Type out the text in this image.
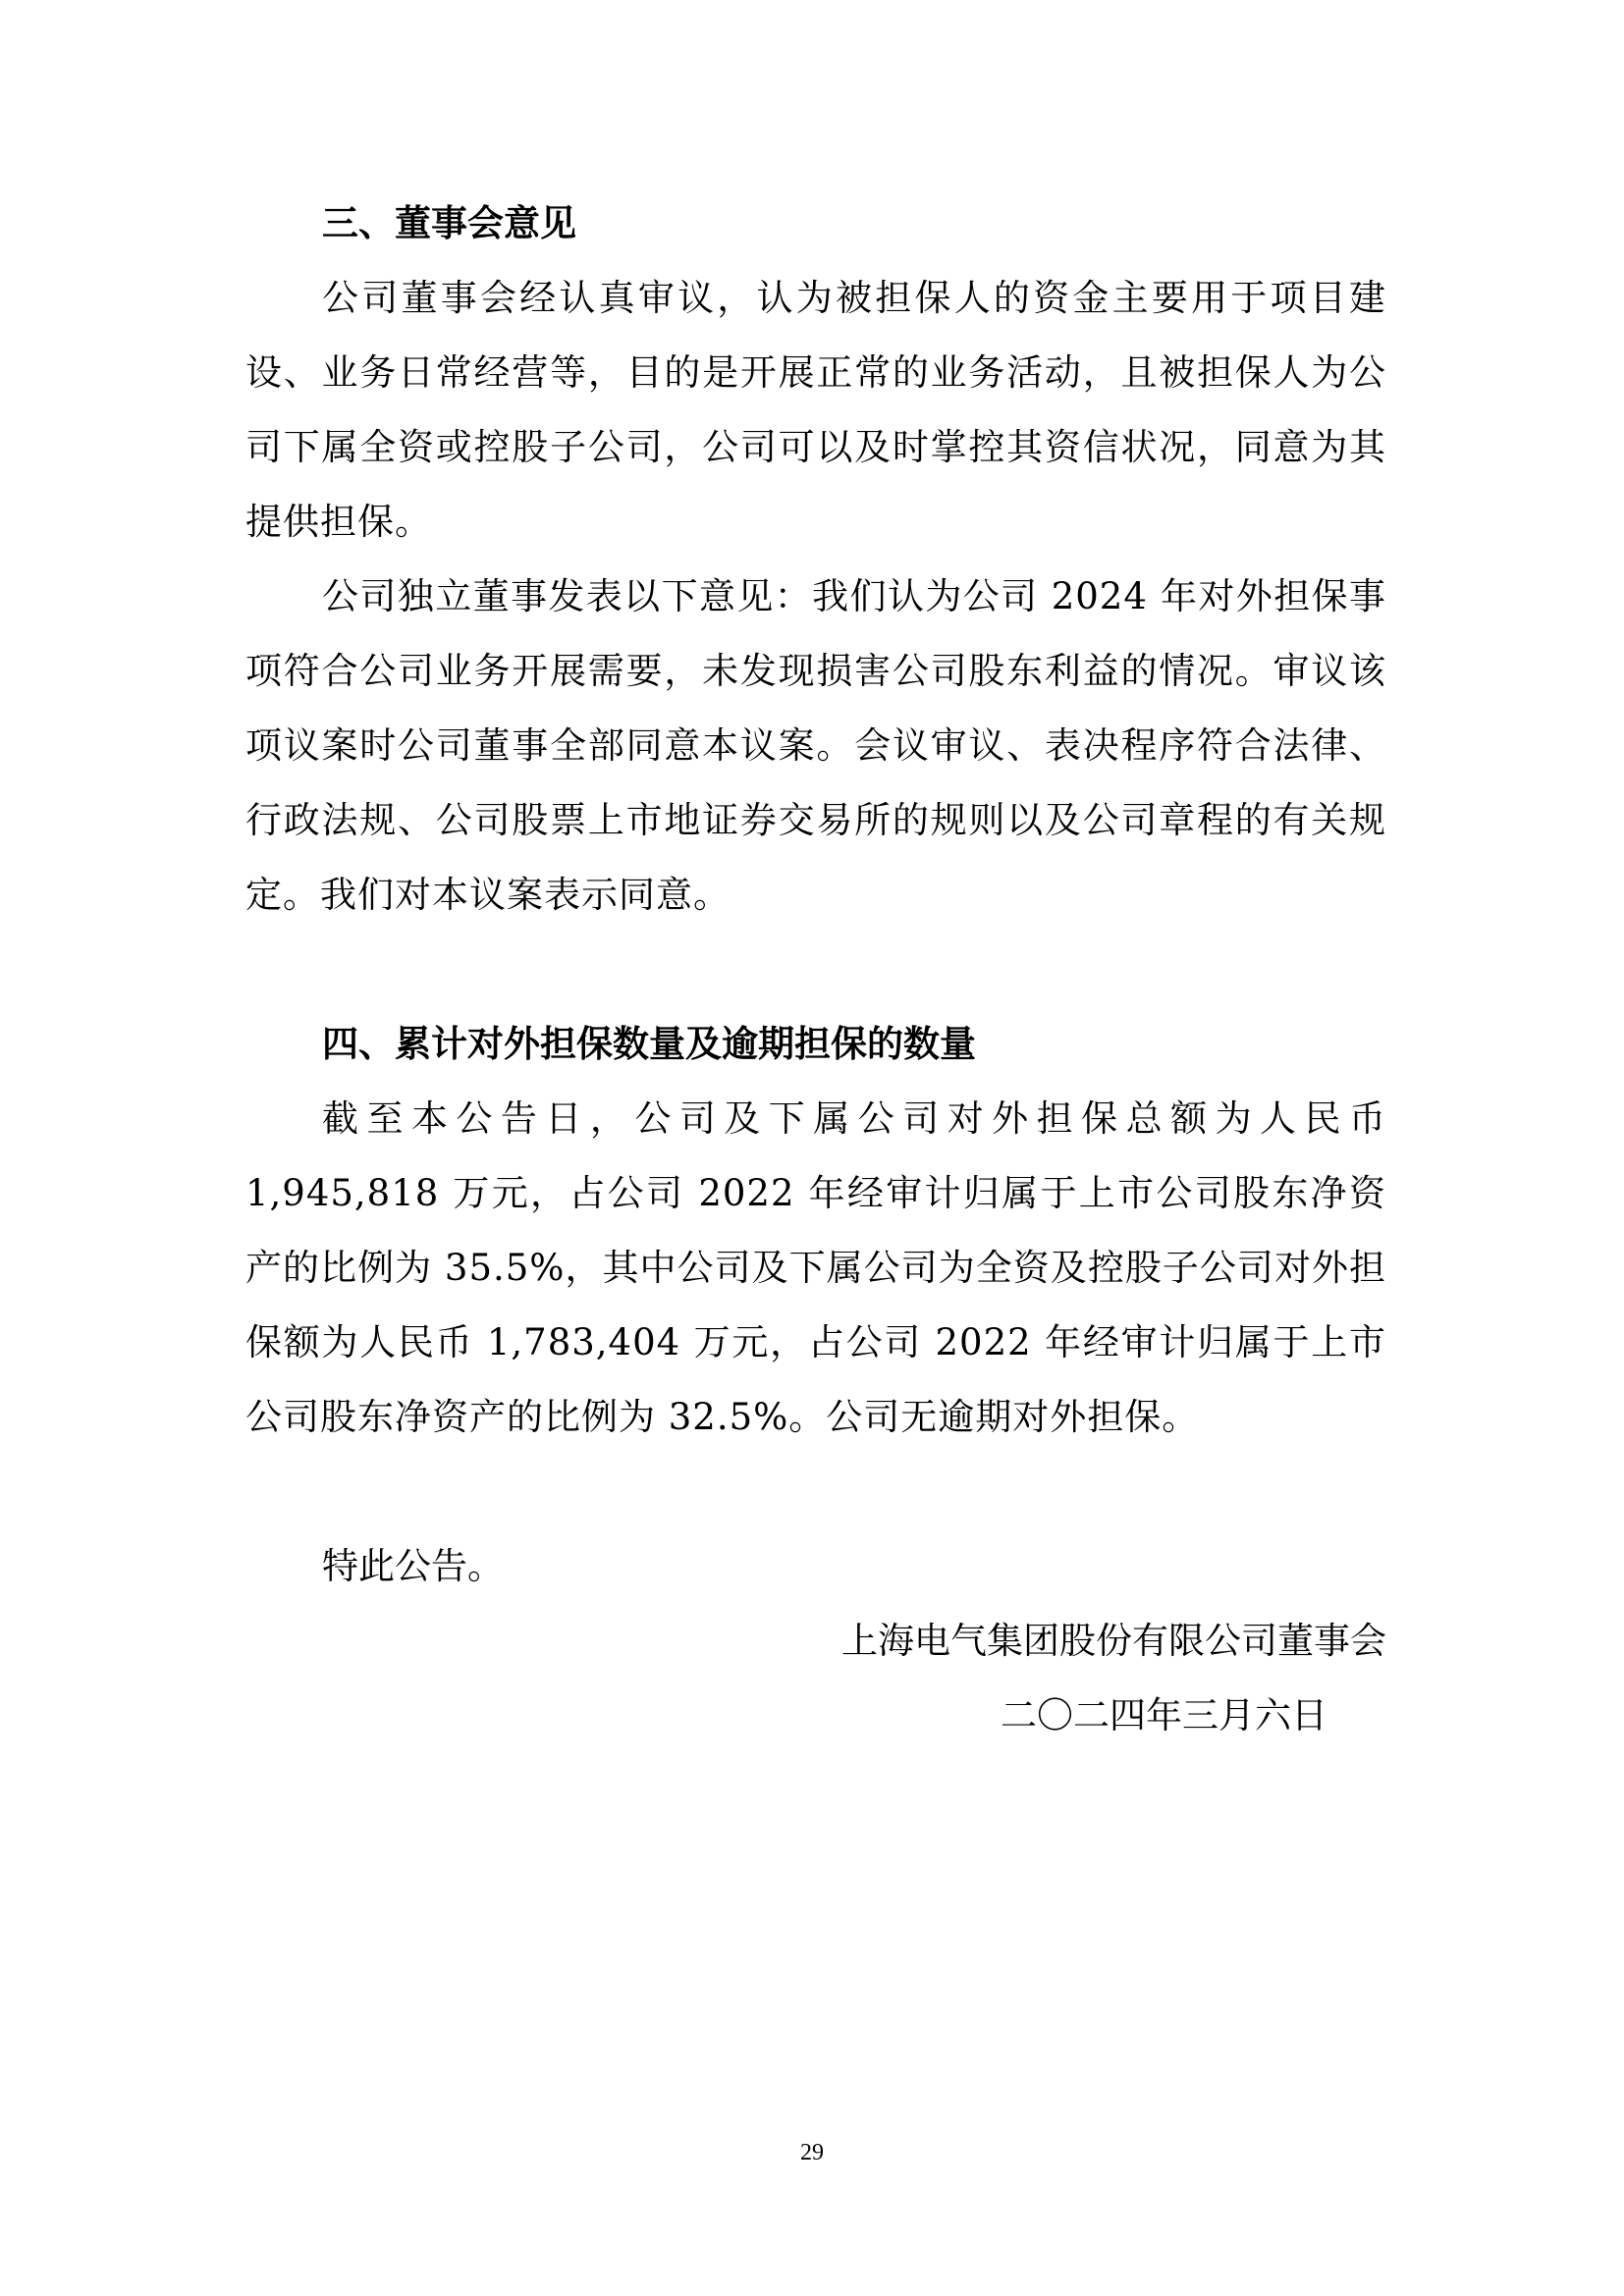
三、董事会意见

公司董事会经认真审议，认为被担保人的资金主要用于项目建设、业务日常经营等，目的是开展正常的业务活动，且被担保人为公司下属全资或控股子公司，公司可以及时掌控其资信状况，同意为其提供担保。

公司独立董事发表以下意见：我们认为公司 2024 年对外担保事项符合公司业务开展需要，未发现损害公司股东利益的情况。审议该项议案时公司董事全部同意本议案。会议审议、表决程序符合法律、行政法规、公司股票上市地证券交易所的规则以及公司章程的有关规定。我们对本议案表示同意。

四、累计对外担保数量及逾期担保的数量

截至本公告日，公司及下属公司对外担保总额为人民币 1,945,818 万元，占公司 2022 年经审计归属于上市公司股东净资产的比例为 35.5%，其中公司及下属公司为全资及控股子公司对外担保额为人民币 1,783,404 万元，占公司 2022 年经审计归属于上市公司股东净资产的比例为 32.5%。公司无逾期对外担保。

特此公告。

上海电气集团股份有限公司董事会

二〇二四年三月六日

29
